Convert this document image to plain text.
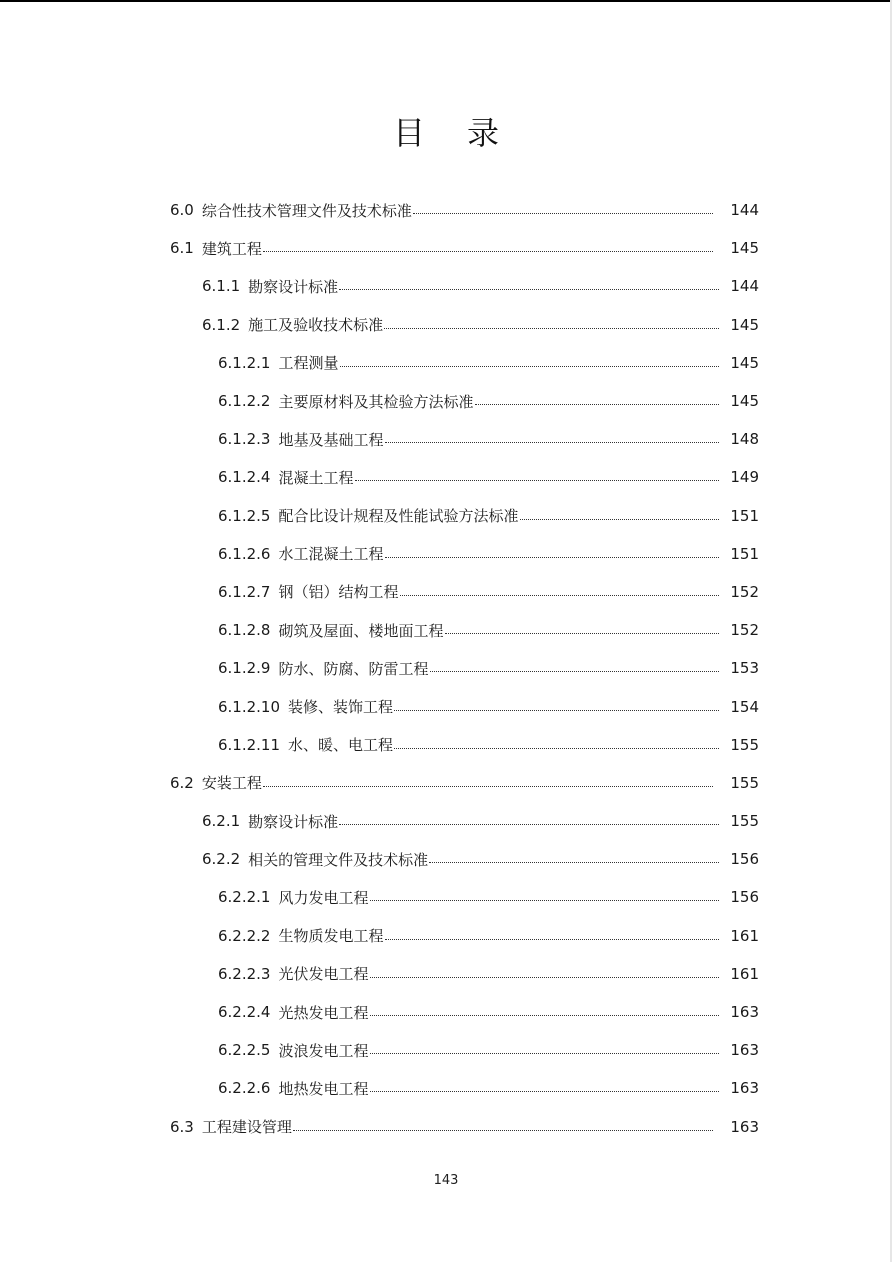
目录
6.0 综合性技术管理文件及技术标准	144
6.1 建筑工程	145
6.1.1 勘察设计标准	144
6.1.2 施工及验收技术标准	145
6.1.2.1 工程测量	145
6.1.2.2 主要原材料及其检验方法标准	145
6.1.2.3 地基及基础工程	148
6.1.2.4 混凝土工程	149
6.1.2.5 配合比设计规程及性能试验方法标准	151
6.1.2.6 水工混凝土工程	151
6.1.2.7 钢（铝）结构工程	152
6.1.2.8 砌筑及屋面、楼地面工程	152
6.1.2.9 防水、防腐、防雷工程	153
6.1.2.10 装修、装饰工程	154
6.1.2.11 水、暖、电工程	155
6.2 安装工程	155
6.2.1 勘察设计标准	155
6.2.2 相关的管理文件及技术标准	156
6.2.2.1 风力发电工程	156
6.2.2.2 生物质发电工程	161
6.2.2.3 光伏发电工程	161
6.2.2.4 光热发电工程	163
6.2.2.5 波浪发电工程	163
6.2.2.6 地热发电工程	163
6.3 工程建设管理	163
143
